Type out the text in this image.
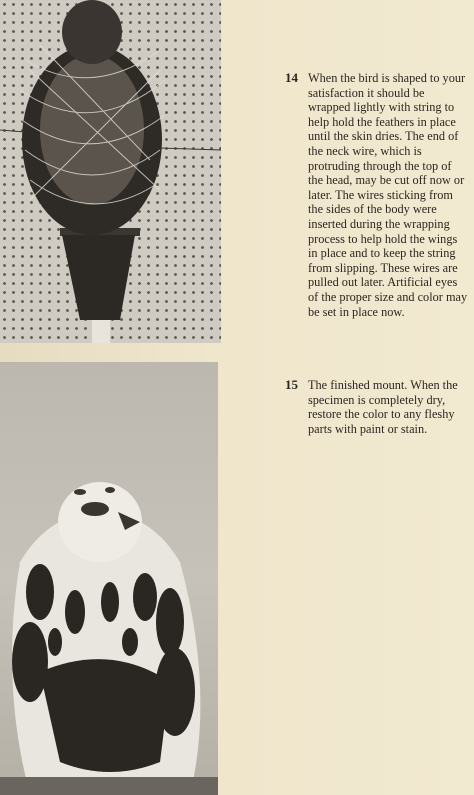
14 When the bird is shaped to your satisfaction it should be wrapped lightly with string to help hold the feathers in place until the skin dries. The end of the neck wire, which is protruding through the top of the head, may be cut off now or later. The wires sticking from the sides of the body were inserted during the wrapping process to help hold the wings in place and to keep the string from slipping. These wires are pulled out later. Artificial eyes of the proper size and color may be set in place now.
15 The finished mount. When the specimen is completely dry, restore the color to any fleshy parts with paint or stain.
